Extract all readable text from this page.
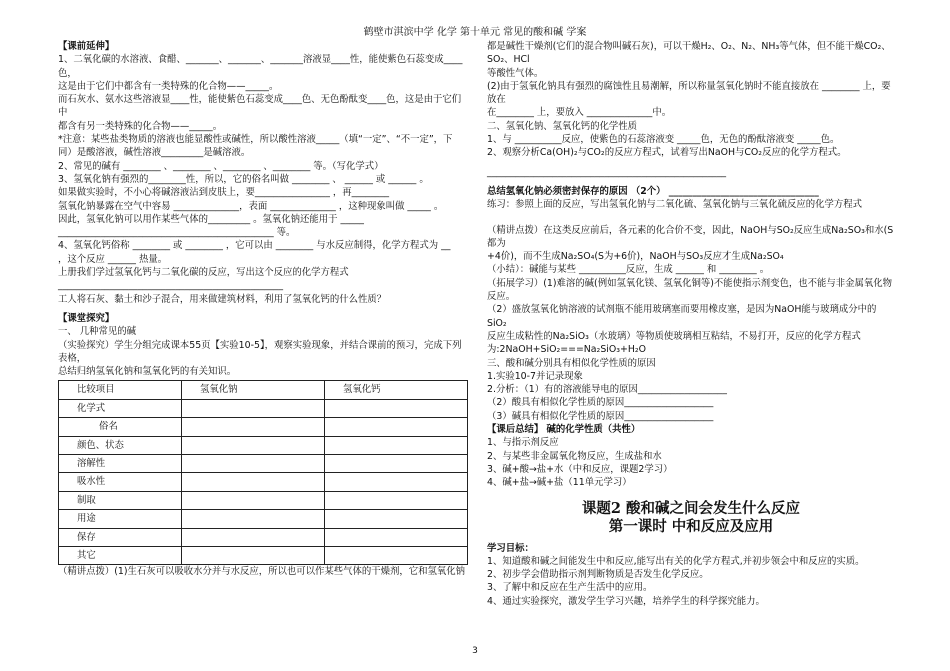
鹤壁市淇滨中学 化学 第十单元 常见的酸和碱 学案

【课前延伸】

1、二氧化碳的水溶液、食醋、_______、_______、_______溶液显____性，能使紫色石蕊变成____色，

这是由于它们中都含有一类特殊的化合物——_____。

而石灰水、氨水这些溶液显____性，能使紫色石蕊变成____色、无色酚酞变____色，这是由于它们中

都含有另一类特殊的化合物——_____。

*注意：某些盐类物质的溶液也能显酸性或碱性，所以酸性溶液_____（填“一定”、“不一定”，下

同）是酸溶液，碱性溶液_________是碱溶液。

2、常见的碱有 ________ 、________ 、________ 、________ 等。（写化学式）

3、氢氧化钠有强烈的________性，所以，它的俗名叫做 ________ 、 ______ 或 ______ 。

如果做实验时，不小心将碱溶液沾到皮肤上，要________________ ，再________

氢氧化钠暴露在空气中容易 ______________，表面 ______________ ，这种现象叫做 _____ 。

因此，氢氧化钠可以用作某些气体的_________ 。氢氧化钠还能用于 _____

______________________________________________ 等。

4、氢氧化钙俗称 ________ 或 ________ ，它可以由 ________ 与水反应制得，化学方程式为 __

，这个反应 ______ 热量。

上册我们学过氢氧化钙与二氧化碳的反应，写出这个反应的化学方程式

________________________________________________

工人将石灰、黏土和沙子混合，用来做建筑材料，利用了氢氧化钙的什么性质？

【课堂探究】

一、 几种常见的碱

（实验探究）学生分组完成课本55页【实验10-5】，观察实验现象，并结合课前的预习，完成下列表格，

总结归纳氢氧化钠和氢氧化钙的有关知识。

比较项目	氢氧化钠	氢氧化钙
化学式		
俗名		
颜色、状态		
溶解性		
吸水性		
制取		
用途		
保存		
其它		

（精讲点拨）(1)生石灰可以吸收水分并与水反应，所以也可以作某些气体的干燥剂，它和氢氧化钠

都是碱性干燥剂(它们的混合物叫碱石灰)，可以干燥H₂、O₂、N₂、NH₃等气体，但不能干燥CO₂、SO₂、HCl

等酸性气体。

(2)由于氢氧化钠具有强烈的腐蚀性且易潮解，所以称量氢氧化钠时不能直接放在 ________ 上，要放在

在________ 上，要放入 ______________中。

二、氢氧化钠、氢氧化钙的化学性质

1、与 __________反应，使紫色的石蕊溶液变 _____色，无色的酚酞溶液变 _____色。

2、观察分析Ca(OH)₂与CO₂的反应方程式，试着写出NaOH与CO₂反应的化学方程式。

___________________________________________________

总结氢氧化钠必须密封保存的原因 （2个） ________________________________

练习：参照上面的反应，写出氢氧化钠与二氧化硫、氢氧化钠与三氧化硫反应的化学方程式

（精讲点拨）在这类反应前后，各元素的化合价不变，因此，NaOH与SO₂反应生成Na₂SO₃和水(S都为

+4价)，而不生成Na₂SO₄(S为+6价)，NaOH与SO₃反应才生成Na₂SO₄

（小结）：碱能与某些 __________反应，生成 ______ 和 ________ 。

（拓展学习）(1)难溶的碱(例如氢氧化镁、氢氧化铜等)不能使指示剂变色，也不能与非金属氧化物

反应。

（2）盛放氢氧化钠溶液的试剂瓶不能用玻璃塞而要用橡皮塞，是因为NaOH能与玻璃成分中的SiO₂

反应生成粘性的Na₂SiO₃（水玻璃）等物质使玻璃相互粘结，不易打开，反应的化学方程式

为:2NaOH+SiO₂===Na₂SiO₃+H₂O

三、酸和碱分别具有相似化学性质的原因

1.实验10-7并记录现象

2.分析：（1）有的溶液能导电的原因___________________

（2）酸具有相似化学性质的原因___________________

（3）碱具有相似化学性质的原因___________________

【课后总结】 碱的化学性质（共性）

1、与指示剂反应

2、与某些非金属氧化物反应，生成盐和水

3、碱+酸→盐+水（中和反应，课题2学习）

4、碱+盐→碱+盐（11单元学习）

课题2 酸和碱之间会发生什么反应
第一课时 中和反应及应用

学习目标：

1、知道酸和碱之间能发生中和反应,能写出有关的化学方程式,并初步领会中和反应的实质。

2、初步学会借助指示剂判断物质是否发生化学反应。

3、了解中和反应在生产生活中的应用。

4、通过实验探究，激发学生学习兴趣，培养学生的科学探究能力。

3
